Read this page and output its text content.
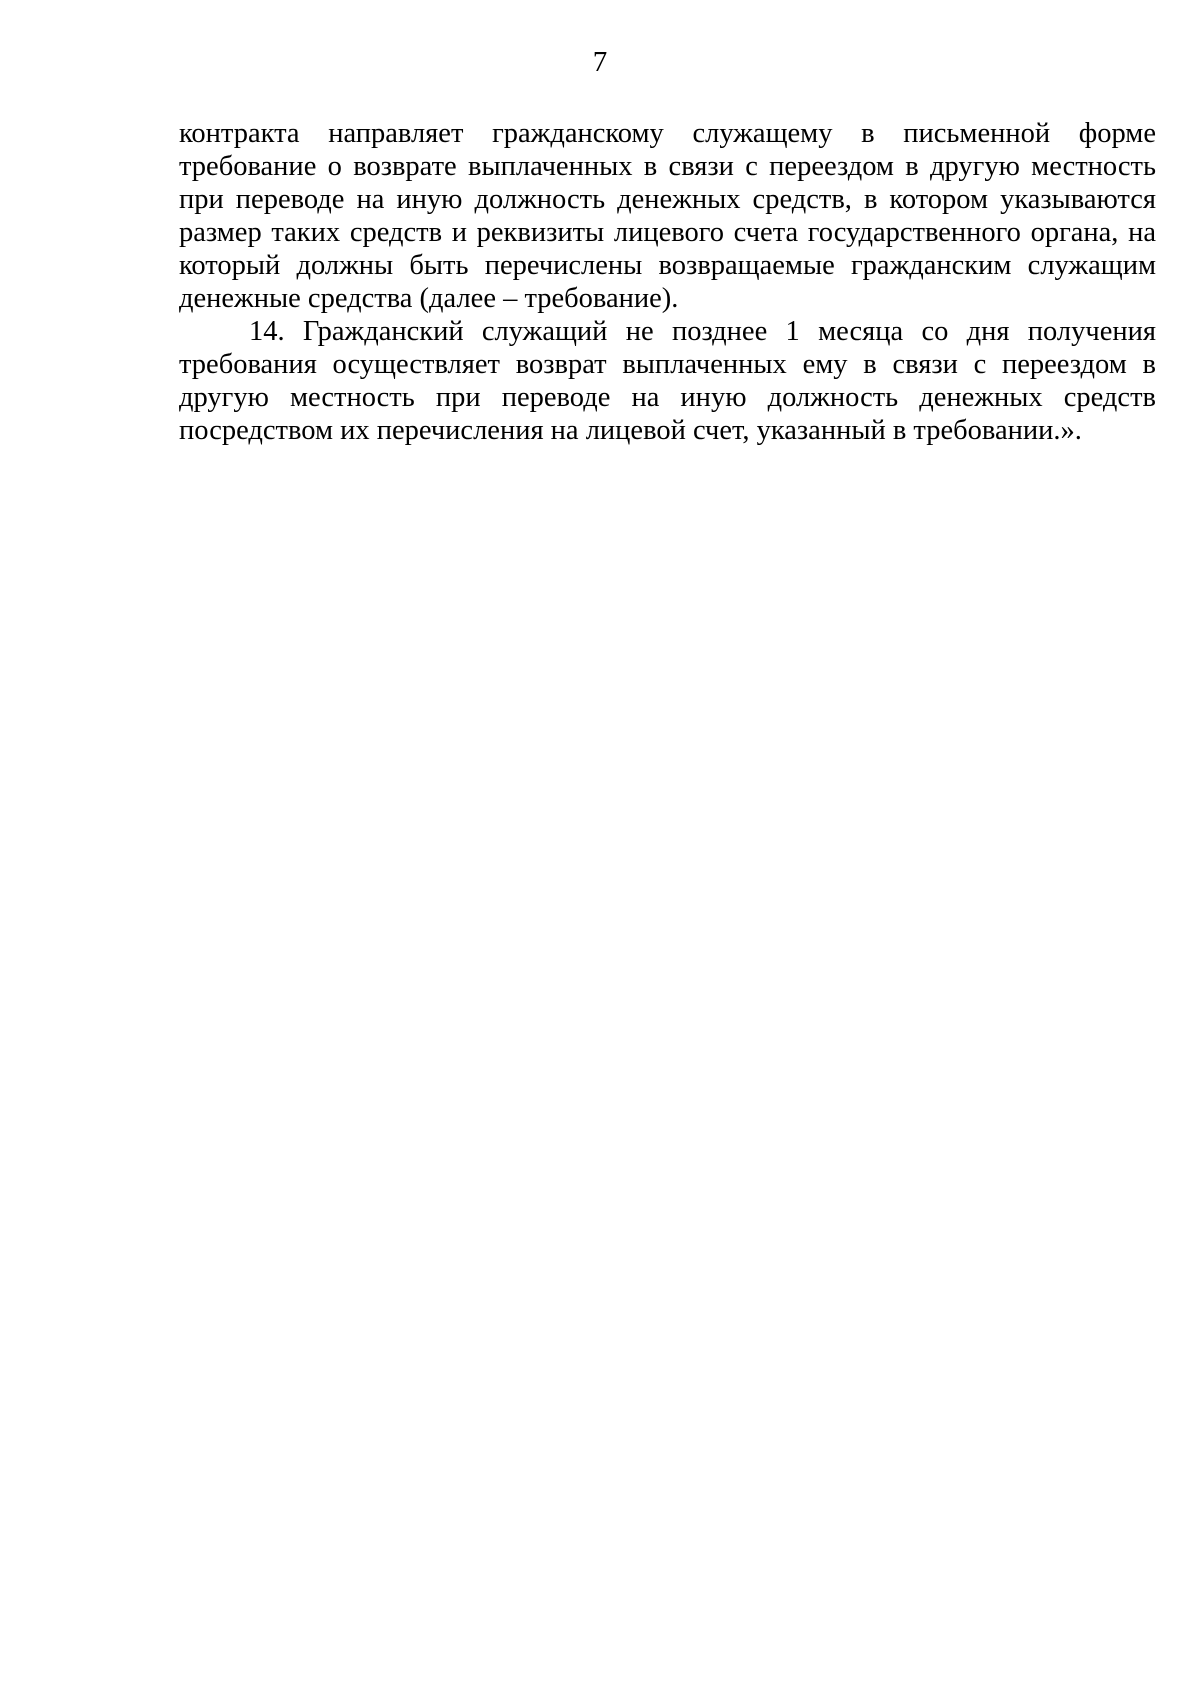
7

контракта направляет гражданскому служащему в письменной форме требование о возврате выплаченных в связи с переездом в другую местность при переводе на иную должность денежных средств, в котором указываются размер таких средств и реквизиты лицевого счета государственного органа, на который должны быть перечислены возвращаемые гражданским служащим денежные средства (далее – требование).

14. Гражданский служащий не позднее 1 месяца со дня получения требования осуществляет возврат выплаченных ему в связи с переездом в другую местность при переводе на иную должность денежных средств посредством их перечисления на лицевой счет, указанный в требовании.».
